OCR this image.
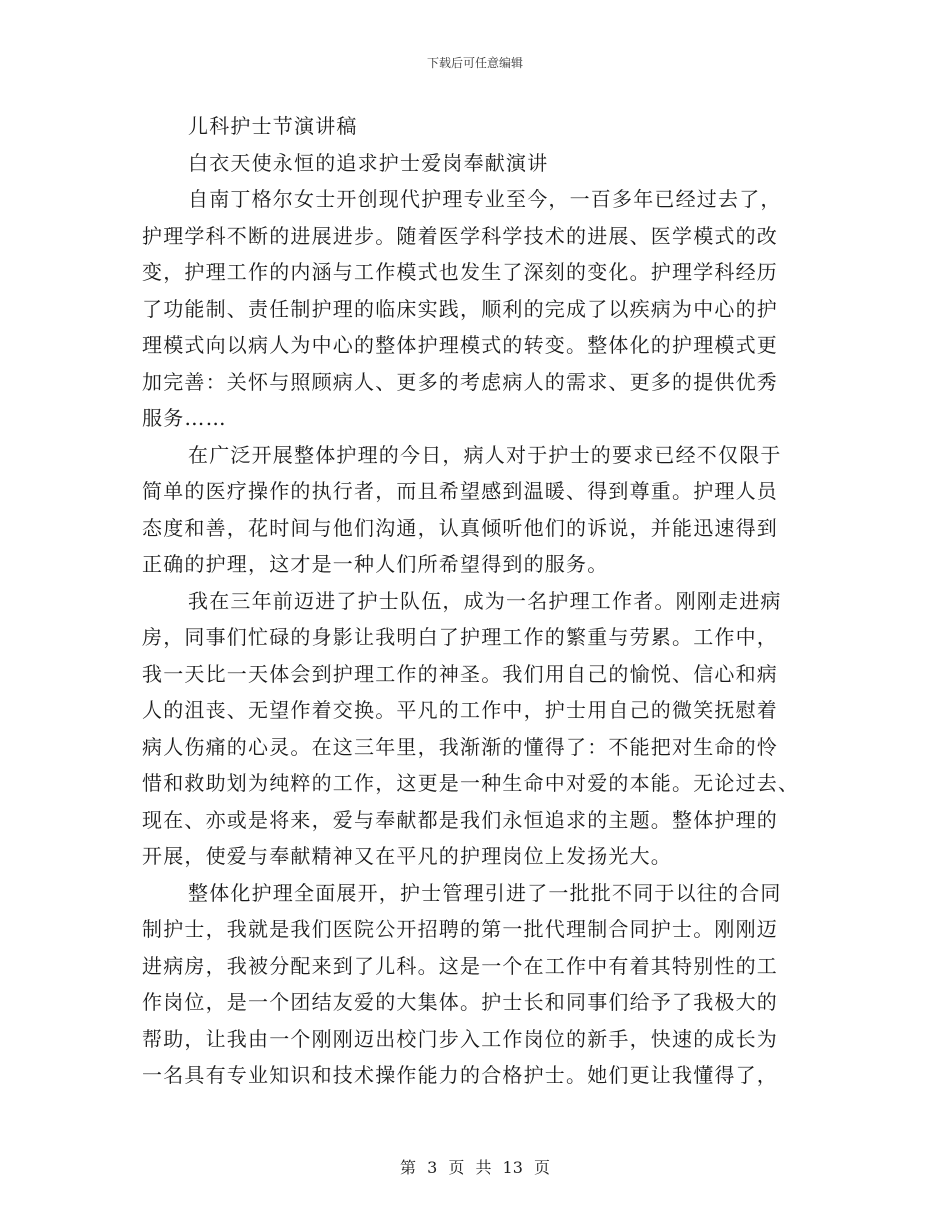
下载后可任意编辑
儿科护士节演讲稿
白衣天使永恒的追求护士爱岗奉献演讲
自南丁格尔女士开创现代护理专业至今，一百多年已经过去了，
护理学科不断的进展进步。随着医学科学技术的进展、医学模式的改
变，护理工作的内涵与工作模式也发生了深刻的变化。护理学科经历
了功能制、责任制护理的临床实践，顺利的完成了以疾病为中心的护
理模式向以病人为中心的整体护理模式的转变。整体化的护理模式更
加完善：关怀与照顾病人、更多的考虑病人的需求、更多的提供优秀
服务……
在广泛开展整体护理的今日，病人对于护士的要求已经不仅限于
简单的医疗操作的执行者，而且希望感到温暖、得到尊重。护理人员
态度和善，花时间与他们沟通，认真倾听他们的诉说，并能迅速得到
正确的护理，这才是一种人们所希望得到的服务。
我在三年前迈进了护士队伍，成为一名护理工作者。刚刚走进病
房，同事们忙碌的身影让我明白了护理工作的繁重与劳累。工作中，
我一天比一天体会到护理工作的神圣。我们用自己的愉悦、信心和病
人的沮丧、无望作着交换。平凡的工作中，护士用自己的微笑抚慰着
病人伤痛的心灵。在这三年里，我渐渐的懂得了：不能把对生命的怜
惜和救助划为纯粹的工作，这更是一种生命中对爱的本能。无论过去、
现在、亦或是将来，爱与奉献都是我们永恒追求的主题。整体护理的
开展，使爱与奉献精神又在平凡的护理岗位上发扬光大。
整体化护理全面展开，护士管理引进了一批批不同于以往的合同
制护士，我就是我们医院公开招聘的第一批代理制合同护士。刚刚迈
进病房，我被分配来到了儿科。这是一个在工作中有着其特别性的工
作岗位，是一个团结友爱的大集体。护士长和同事们给予了我极大的
帮助，让我由一个刚刚迈出校门步入工作岗位的新手，快速的成长为
一名具有专业知识和技术操作能力的合格护士。她们更让我懂得了，
第 3 页 共 13 页
